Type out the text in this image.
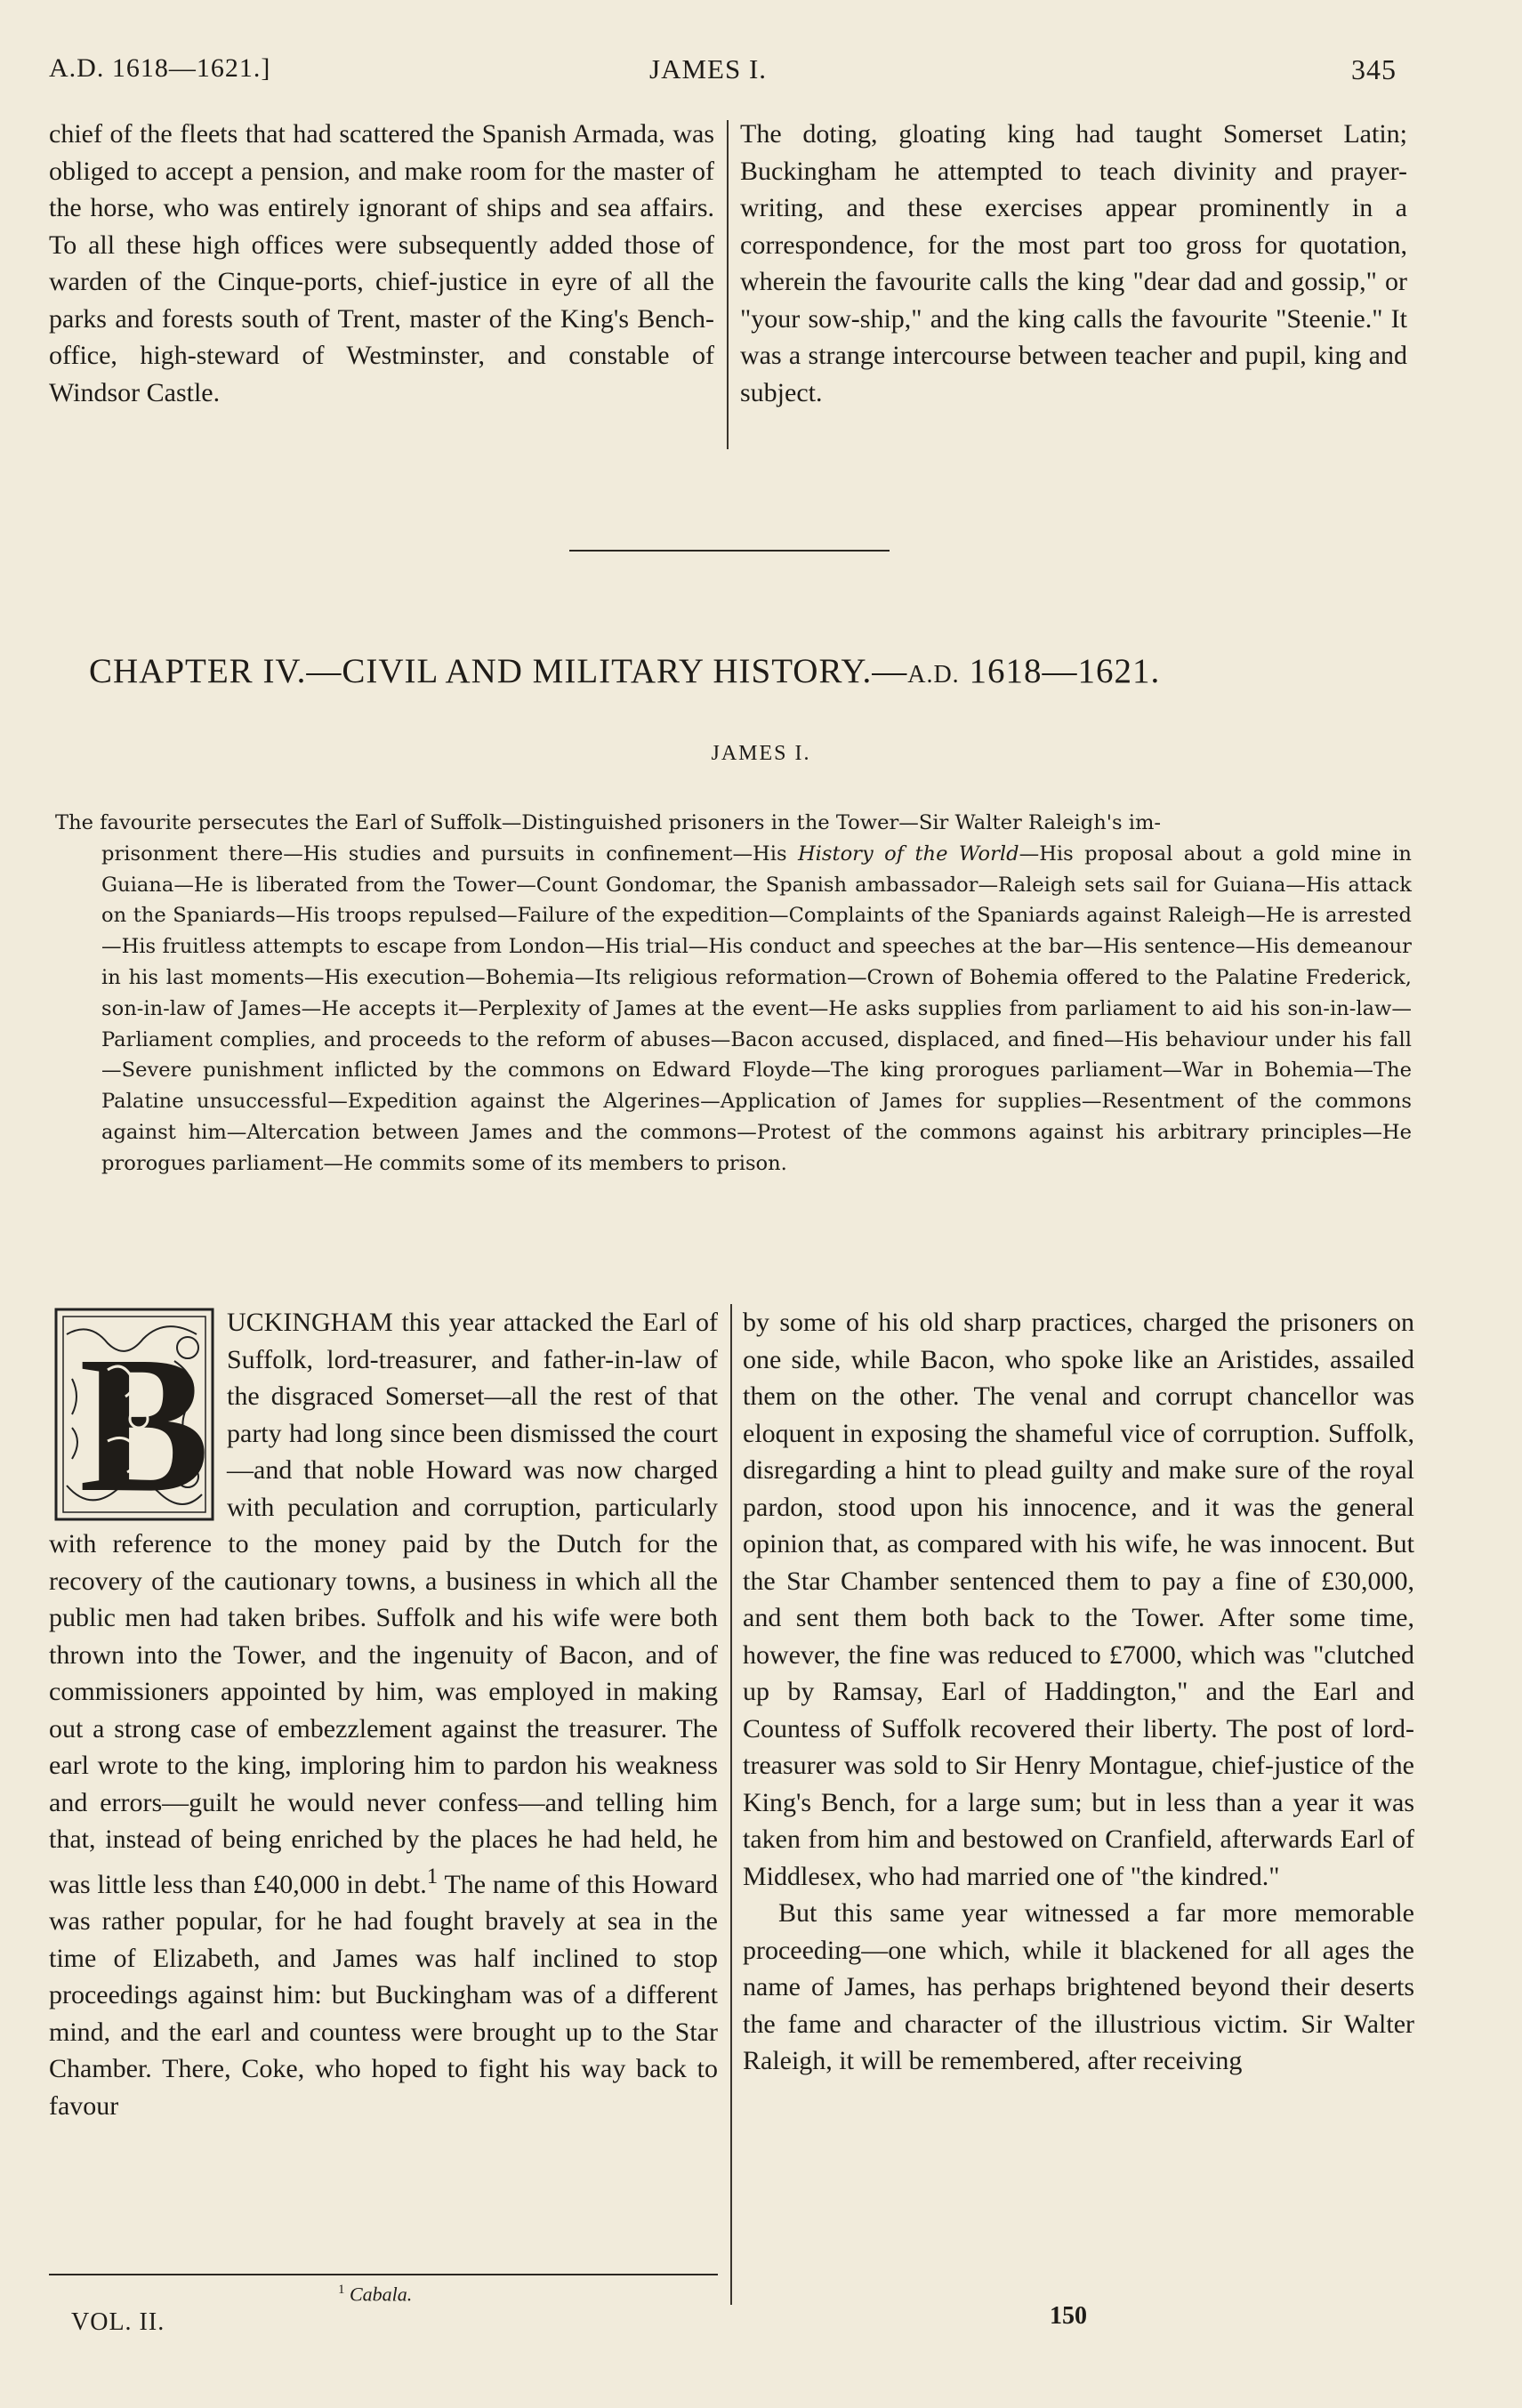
A.D. 1618—1621.]	JAMES I.	345
chief of the fleets that had scattered the Spanish Armada, was obliged to accept a pension, and make room for the master of the horse, who was entirely ignorant of ships and sea affairs. To all these high offices were subsequently added those of warden of the Cinque-ports, chief-justice in eyre of all the parks and forests south of Trent, master of the King's Bench-office, high-steward of Westminster, and constable of Windsor Castle.
The doting, gloating king had taught Somerset Latin; Buckingham he attempted to teach divinity and prayer-writing, and these exercises appear prominently in a correspondence, for the most part too gross for quotation, wherein the favourite calls the king "dear dad and gossip," or "your sow-ship," and the king calls the favourite "Steenie." It was a strange intercourse between teacher and pupil, king and subject.
CHAPTER IV.—CIVIL AND MILITARY HISTORY.—A.D. 1618—1621.
JAMES I.
The favourite persecutes the Earl of Suffolk—Distinguished prisoners in the Tower—Sir Walter Raleigh's im-
prisonment there—His studies and pursuits in confinement—His History of the World—His proposal about a gold mine in Guiana—He is liberated from the Tower—Count Gondomar, the Spanish ambassador—Raleigh sets sail for Guiana—His attack on the Spaniards—His troops repulsed—Failure of the expedition—Complaints of the Spaniards against Raleigh—He is arrested—His fruitless attempts to escape from London—His trial—His conduct and speeches at the bar—His sentence—His demeanour in his last moments—His execution—Bohemia—Its religious reformation—Crown of Bohemia offered to the Palatine Frederick, son-in-law of James—He accepts it—Perplexity of James at the event—He asks supplies from parliament to aid his son-in-law—Parliament complies, and proceeds to the reform of abuses—Bacon accused, displaced, and fined—His behaviour under his fall—Severe punishment inflicted by the commons on Edward Floyde—The king prorogues parliament—War in Bohemia—The Palatine unsuccessful—Expedition against the Algerines—Application of James for supplies—Resentment of the commons against him—Altercation between James and the commons—Protest of the commons against his arbitrary principles—He prorogues parliament—He commits some of its members to prison.
B UCKINGHAM this year attacked the Earl of Suffolk, lord-treasurer, and father-in-law of the disgraced Somerset—all the rest of that party had long since been dismissed the court—and that noble Howard was now charged with peculation and corruption, particularly with reference to the money paid by the Dutch for the recovery of the cautionary towns, a business in which all the public men had taken bribes. Suffolk and his wife were both thrown into the Tower, and the ingenuity of Bacon, and of commissioners appointed by him, was employed in making out a strong case of embezzlement against the treasurer. The earl wrote to the king, imploring him to pardon his weakness and errors—guilt he would never confess—and telling him that, instead of being enriched by the places he had held, he was little less than £40,000 in debt.$^1$ The name of this Howard was rather popular, for he had fought bravely at sea in the time of Elizabeth, and James was half inclined to stop proceedings against him: but Buckingham was of a different mind, and the earl and countess were brought up to the Star Chamber. There, Coke, who hoped to fight his way back to favour

by some of his old sharp practices, charged the prisoners on one side, while Bacon, who spoke like an Aristides, assailed them on the other. The venal and corrupt chancellor was eloquent in exposing the shameful vice of corruption. Suffolk, disregarding a hint to plead guilty and make sure of the royal pardon, stood upon his innocence, and it was the general opinion that, as compared with his wife, he was innocent. But the Star Chamber sentenced them to pay a fine of £30,000, and sent them both back to the Tower. After some time, however, the fine was reduced to £7000, which was "clutched up by Ramsay, Earl of Haddington," and the Earl and Countess of Suffolk recovered their liberty. The post of lord-treasurer was sold to Sir Henry Montague, chief-justice of the King's Bench, for a large sum; but in less than a year it was taken from him and bestowed on Cranfield, afterwards Earl of Middlesex, who had married one of "the kindred."

But this same year witnessed a far more memorable proceeding—one which, while it blackened for all ages the name of James, has perhaps brightened beyond their deserts the fame and character of the illustrious victim. Sir Walter Raleigh, it will be remembered, after receiving

$^1$ Cabala.
VOL. II.	150
